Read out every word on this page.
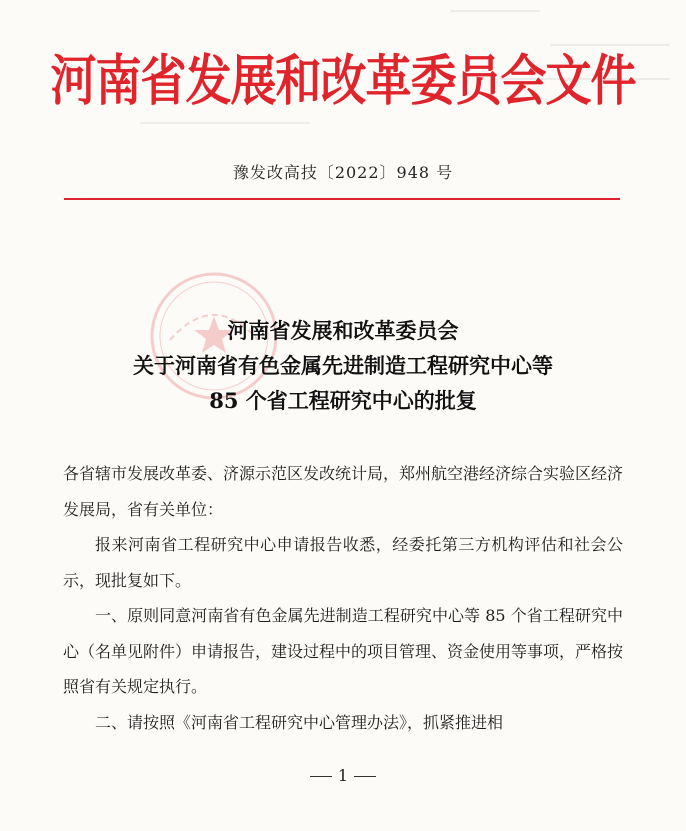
河南省发展和改革委员会文件
豫发改高技〔2022〕948 号
河南省发展和改革委员会
关于河南省有色金属先进制造工程研究中心等
85 个省工程研究中心的批复

各省辖市发展改革委、济源示范区发改统计局，郑州航空港经济综合实验区经济发展局，省有关单位：

报来河南省工程研究中心申请报告收悉，经委托第三方机构评估和社会公示，现批复如下。

一、原则同意河南省有色金属先进制造工程研究中心等 85 个省工程研究中心（名单见附件）申请报告，建设过程中的项目管理、资金使用等事项，严格按照省有关规定执行。

二、请按照《河南省工程研究中心管理办法》，抓紧推进相

1
